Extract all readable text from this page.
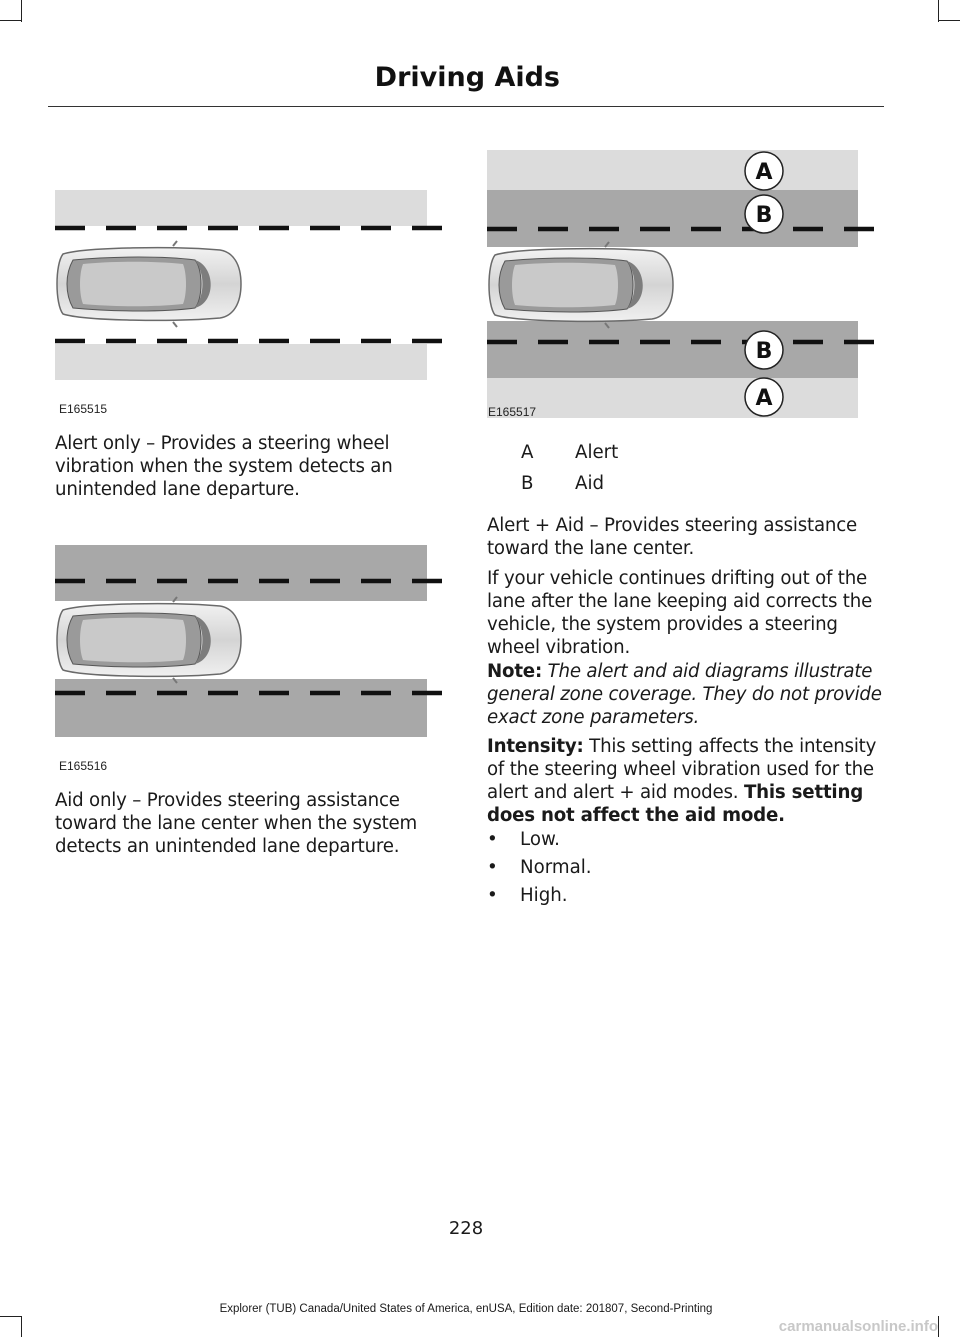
Driving Aids
E165515
Alert only – Provides a steering wheel vibration when the system detects an unintended lane departure.
E165516
Aid only – Provides steering assistance toward the lane center when the system detects an unintended lane departure.
A
B
B
A
E165517
A Alert
B Aid
Alert + Aid – Provides steering assistance toward the lane center.
If your vehicle continues drifting out of the lane after the lane keeping aid corrects the vehicle, the system provides a steering wheel vibration.
Note: The alert and aid diagrams illustrate general zone coverage. They do not provide exact zone parameters.
Intensity: This setting affects the intensity of the steering wheel vibration used for the alert and alert + aid modes. This setting does not affect the aid mode.
• Low.
• Normal.
• High.
228
Explorer (TUB) Canada/United States of America, enUSA, Edition date: 201807, Second-Printing
carmanualsonline.info
